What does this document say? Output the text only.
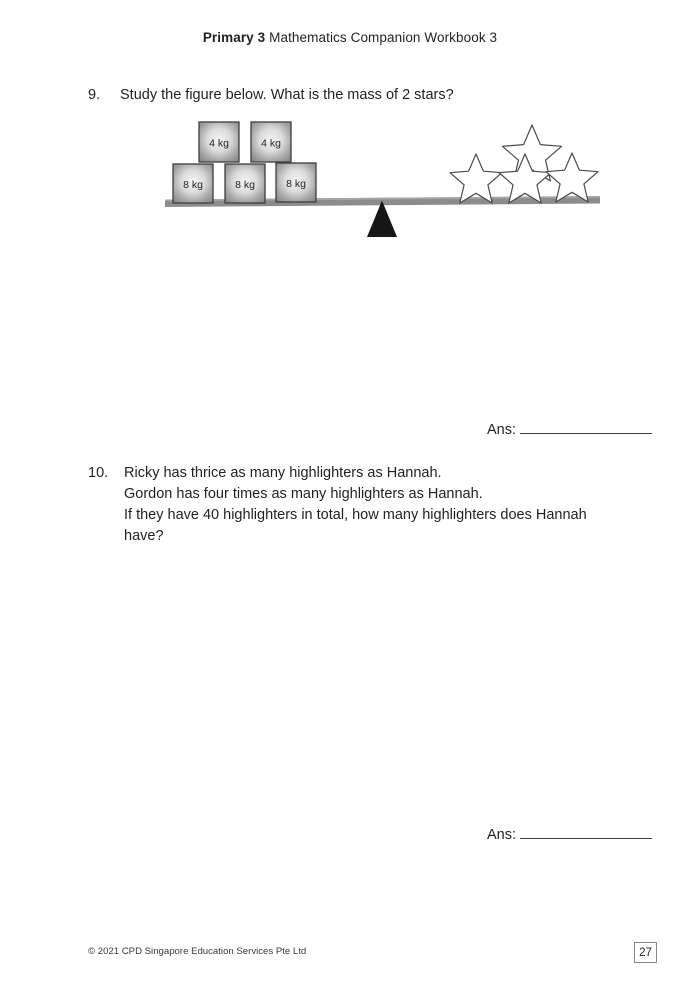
Primary 3 Mathematics Companion Workbook 3
9.	Study the figure below. What is the mass of 2 stars?
8 kg	8 kg	8 kg
4 kg	4 kg
Ans:
10.	Ricky has thrice as many highlighters as Hannah.
Gordon has four times as many highlighters as Hannah.
If they have 40 highlighters in total, how many highlighters does Hannah have?
Ans:
© 2021 CPD Singapore Education Services Pte Ltd	27
